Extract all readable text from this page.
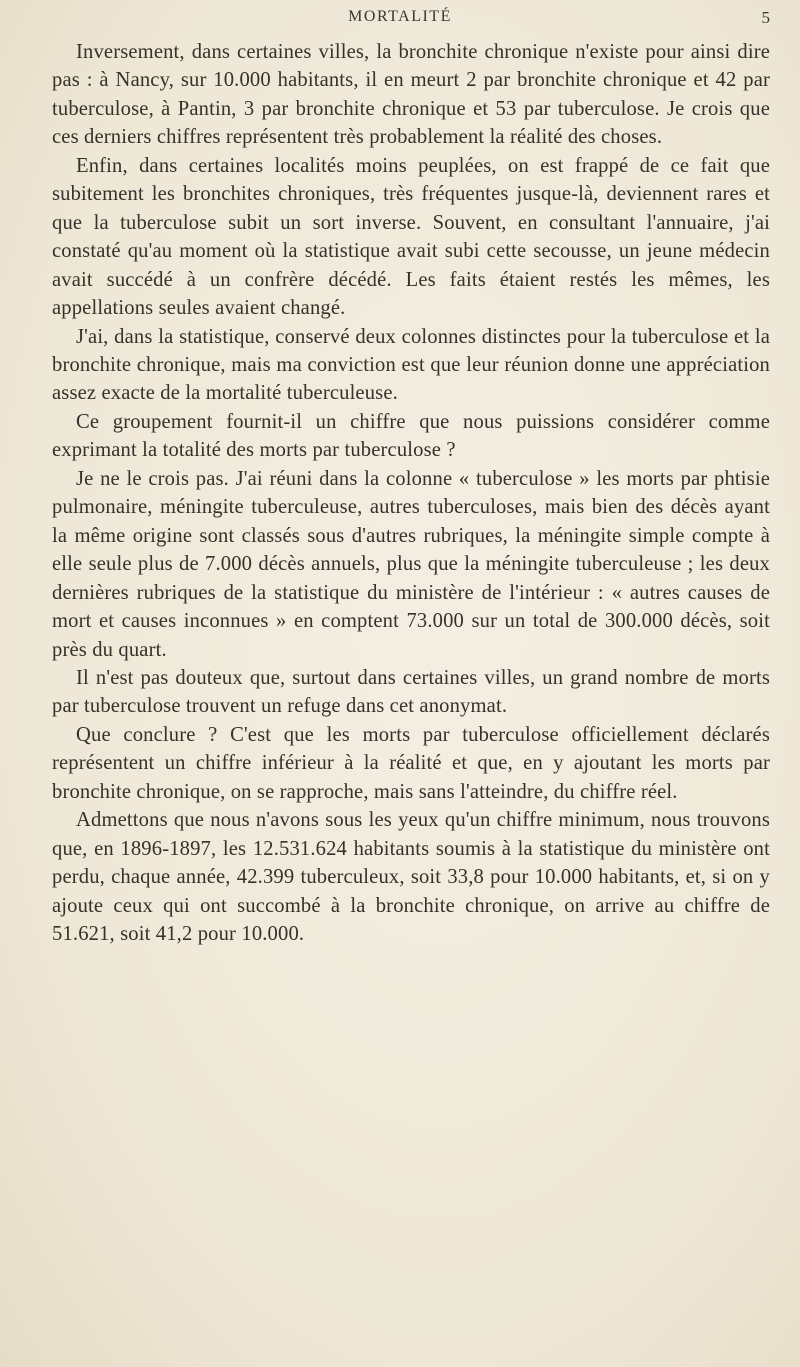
MORTALITÉ	5

Inversement, dans certaines villes, la bronchite chronique n'existe pour ainsi dire pas : à Nancy, sur 10.000 habitants, il en meurt 2 par bronchite chronique et 42 par tuberculose, à Pantin, 3 par bronchite chronique et 53 par tuberculose. Je crois que ces derniers chiffres représentent très probablement la réalité des choses.

Enfin, dans certaines localités moins peuplées, on est frappé de ce fait que subitement les bronchites chroniques, très fréquentes jusque-là, deviennent rares et que la tuberculose subit un sort inverse. Souvent, en consultant l'annuaire, j'ai constaté qu'au moment où la statistique avait subi cette secousse, un jeune médecin avait succédé à un confrère décédé. Les faits étaient restés les mêmes, les appellations seules avaient changé.

J'ai, dans la statistique, conservé deux colonnes distinctes pour la tuberculose et la bronchite chronique, mais ma conviction est que leur réunion donne une appréciation assez exacte de la mortalité tuberculeuse.

Ce groupement fournit-il un chiffre que nous puissions considérer comme exprimant la totalité des morts par tuberculose ?

Je ne le crois pas. J'ai réuni dans la colonne « tuberculose » les morts par phtisie pulmonaire, méningite tuberculeuse, autres tuberculoses, mais bien des décès ayant la même origine sont classés sous d'autres rubriques, la méningite simple compte à elle seule plus de 7.000 décès annuels, plus que la méningite tuberculeuse ; les deux dernières rubriques de la statistique du ministère de l'intérieur : « autres causes de mort et causes inconnues » en comptent 73.000 sur un total de 300.000 décès, soit près du quart.

Il n'est pas douteux que, surtout dans certaines villes, un grand nombre de morts par tuberculose trouvent un refuge dans cet anonymat.

Que conclure ? C'est que les morts par tuberculose officiellement déclarés représentent un chiffre inférieur à la réalité et que, en y ajoutant les morts par bronchite chronique, on se rapproche, mais sans l'atteindre, du chiffre réel.

Admettons que nous n'avons sous les yeux qu'un chiffre minimum, nous trouvons que, en 1896-1897, les 12.531.624 habitants soumis à la statistique du ministère ont perdu, chaque année, 42.399 tuberculeux, soit 33,8 pour 10.000 habitants, et, si on y ajoute ceux qui ont succombé à la bronchite chronique, on arrive au chiffre de 51.621, soit 41,2 pour 10.000.
